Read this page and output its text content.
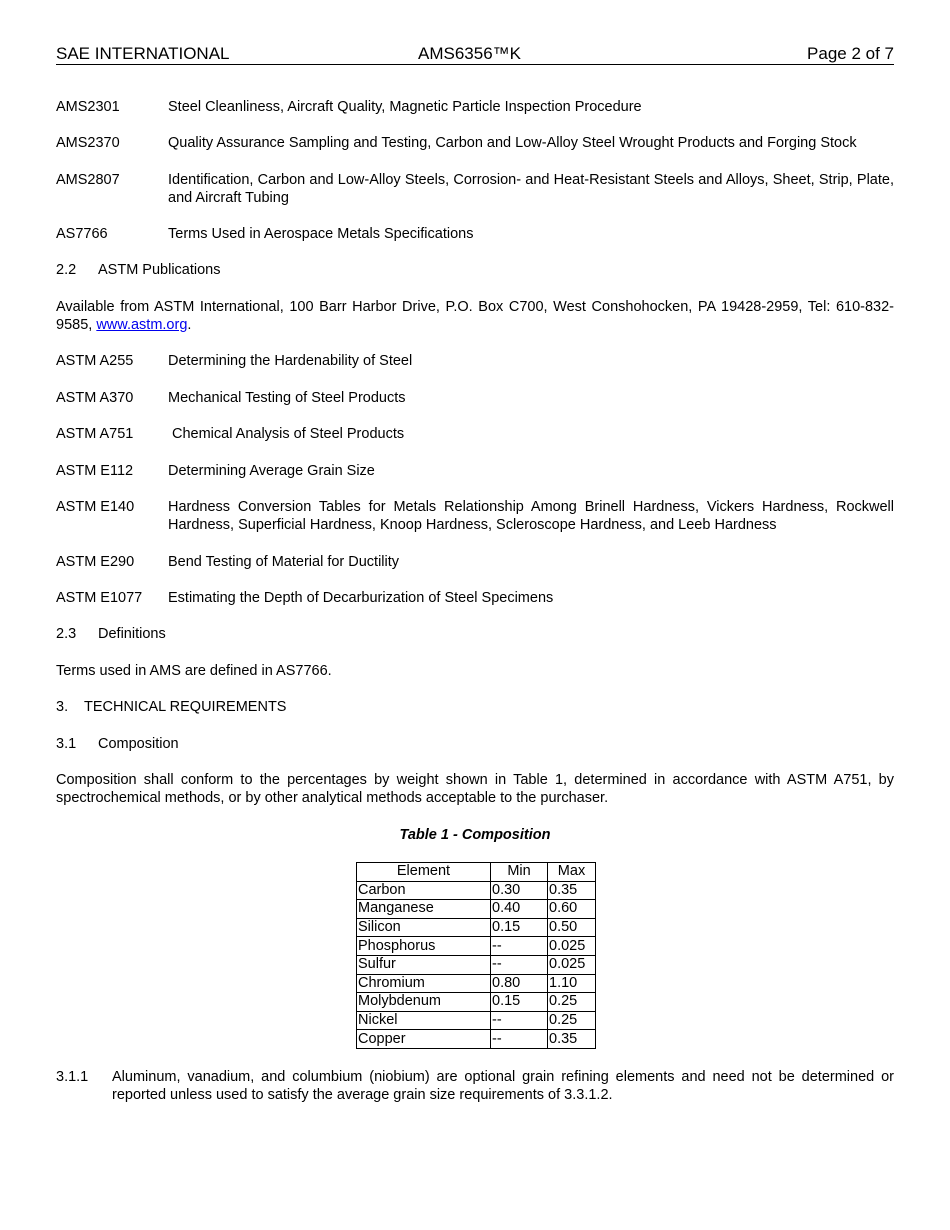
SAE INTERNATIONAL	AMS6356™K	Page 2 of 7
AMS2301	Steel Cleanliness, Aircraft Quality, Magnetic Particle Inspection Procedure
AMS2370	Quality Assurance Sampling and Testing, Carbon and Low-Alloy Steel Wrought Products and Forging Stock
AMS2807	Identification, Carbon and Low-Alloy Steels, Corrosion- and Heat-Resistant Steels and Alloys, Sheet, Strip, Plate, and Aircraft Tubing
AS7766	Terms Used in Aerospace Metals Specifications
2.2 ASTM Publications
Available from ASTM International, 100 Barr Harbor Drive, P.O. Box C700, West Conshohocken, PA 19428-2959, Tel: 610-832-9585, www.astm.org.
ASTM A255 Determining the Hardenability of Steel
ASTM A370 Mechanical Testing of Steel Products
ASTM A751	Chemical Analysis of Steel Products
ASTM E112 Determining Average Grain Size
ASTM E140 Hardness Conversion Tables for Metals Relationship Among Brinell Hardness, Vickers Hardness, Rockwell Hardness, Superficial Hardness, Knoop Hardness, Scleroscope Hardness, and Leeb Hardness
ASTM E290 Bend Testing of Material for Ductility
ASTM E1077 Estimating the Depth of Decarburization of Steel Specimens
2.3 Definitions
Terms used in AMS are defined in AS7766.
3. TECHNICAL REQUIREMENTS
3.1 Composition
Composition shall conform to the percentages by weight shown in Table 1, determined in accordance with ASTM A751, by spectrochemical methods, or by other analytical methods acceptable to the purchaser.
Table 1 - Composition
Element	Min	Max
Carbon	0.30	0.35
Manganese	0.40	0.60
Silicon	0.15	0.50
Phosphorus	--	0.025
Sulfur	--	0.025
Chromium	0.80	1.10
Molybdenum	0.15	0.25
Nickel	--	0.25
Copper	--	0.35
3.1.1 Aluminum, vanadium, and columbium (niobium) are optional grain refining elements and need not be determined or reported unless used to satisfy the average grain size requirements of 3.3.1.2.
